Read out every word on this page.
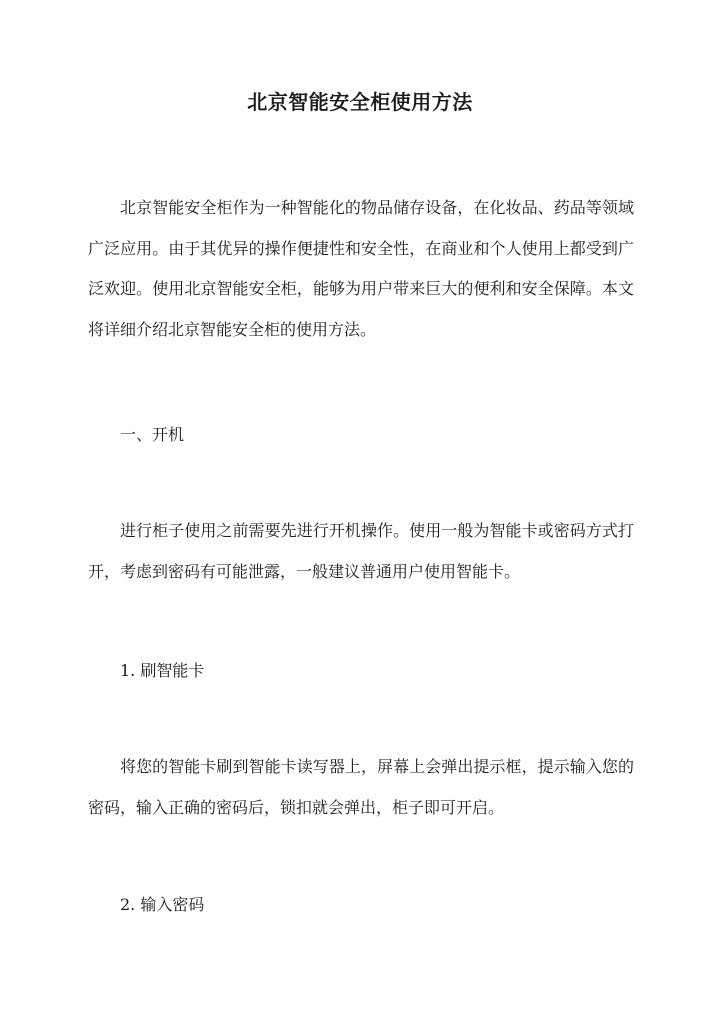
北京智能安全柜使用方法

北京智能安全柜作为一种智能化的物品储存设备，在化妆品、药品等领域广泛应用。由于其优异的操作便捷性和安全性，在商业和个人使用上都受到广泛欢迎。使用北京智能安全柜，能够为用户带来巨大的便利和安全保障。本文将详细介绍北京智能安全柜的使用方法。

一、开机

进行柜子使用之前需要先进行开机操作。使用一般为智能卡或密码方式打开，考虑到密码有可能泄露，一般建议普通用户使用智能卡。

1. 刷智能卡

将您的智能卡刷到智能卡读写器上，屏幕上会弹出提示框，提示输入您的密码，输入正确的密码后，锁扣就会弹出，柜子即可开启。

2. 输入密码
